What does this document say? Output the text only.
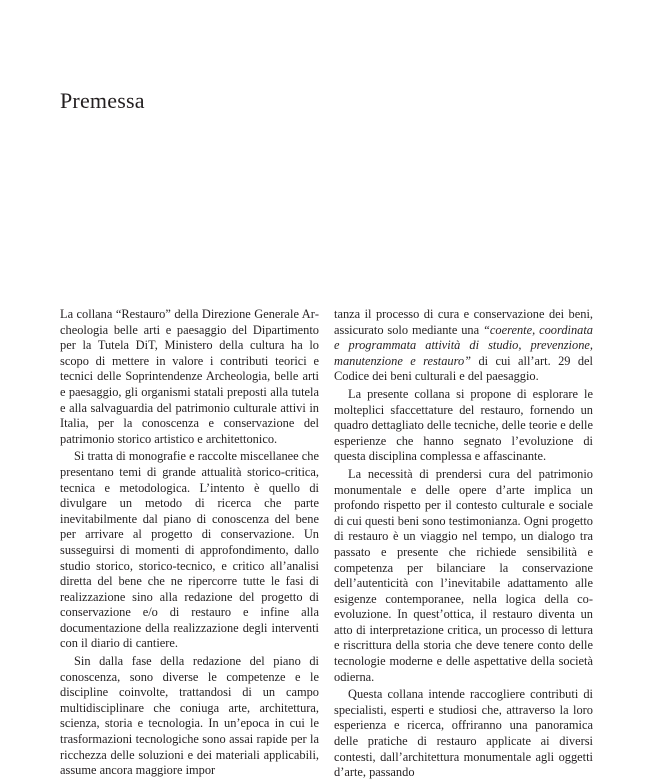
Premessa

La collana “Restauro” della Direzione Generale Archeologia belle arti e paesaggio del Dipartimento per la Tutela DiT, Ministero della cultura ha lo scopo di mettere in valore i contributi teorici e tecnici delle Soprintendenze Archeologia, belle arti e paesaggio, gli organismi statali preposti alla tutela e alla salvaguardia del patrimonio culturale attivi in Italia, per la conoscenza e conservazione del patrimonio storico artistico e architettonico.

Si tratta di monografie e raccolte miscellanee che presentano temi di grande attualità storico-critica, tecnica e metodologica. L’intento è quello di divulgare un metodo di ricerca che parte inevitabilmente dal piano di conoscenza del bene per arrivare al progetto di conservazione. Un susseguirsi di momenti di approfondimento, dallo studio storico, storico-tecnico, e critico all’analisi diretta del bene che ne ripercorre tutte le fasi di realizzazione sino alla redazione del progetto di conservazione e/o di restauro e infine alla documentazione della realizzazione degli interventi con il diario di cantiere.

Sin dalla fase della redazione del piano di conoscenza, sono diverse le competenze e le discipline coinvolte, trattandosi di un campo multidisciplinare che coniuga arte, architettura, scienza, storia e tecnologia. In un’epoca in cui le trasformazioni tecnologiche sono assai rapide per la ricchezza delle soluzioni e dei materiali applicabili, assume ancora maggiore impor

tanza il processo di cura e conservazione dei beni, assicurato solo mediante una “coerente, coordinata e programmata attività di studio, prevenzione, manutenzione e restauro” di cui all’art. 29 del Codice dei beni culturali e del paesaggio.

La presente collana si propone di esplorare le molteplici sfaccettature del restauro, fornendo un quadro dettagliato delle tecniche, delle teorie e delle esperienze che hanno segnato l’evoluzione di questa disciplina complessa e affascinante.

La necessità di prendersi cura del patrimonio monumentale e delle opere d’arte implica un profondo rispetto per il contesto culturale e sociale di cui questi beni sono testimonianza. Ogni progetto di restauro è un viaggio nel tempo, un dialogo tra passato e presente che richiede sensibilità e competenza per bilanciare la conservazione dell’autenticità con l’inevitabile adattamento alle esigenze contemporanee, nella logica della co-evoluzione. In quest’ottica, il restauro diventa un atto di interpretazione critica, un processo di lettura e riscrittura della storia che deve tenere conto delle tecnologie moderne e delle aspettative della società odierna.

Questa collana intende raccogliere contributi di specialisti, esperti e studiosi che, attraverso la loro esperienza e ricerca, offriranno una panoramica delle pratiche di restauro applicate ai diversi contesti, dall’architettura monumentale agli oggetti d’arte, passando
